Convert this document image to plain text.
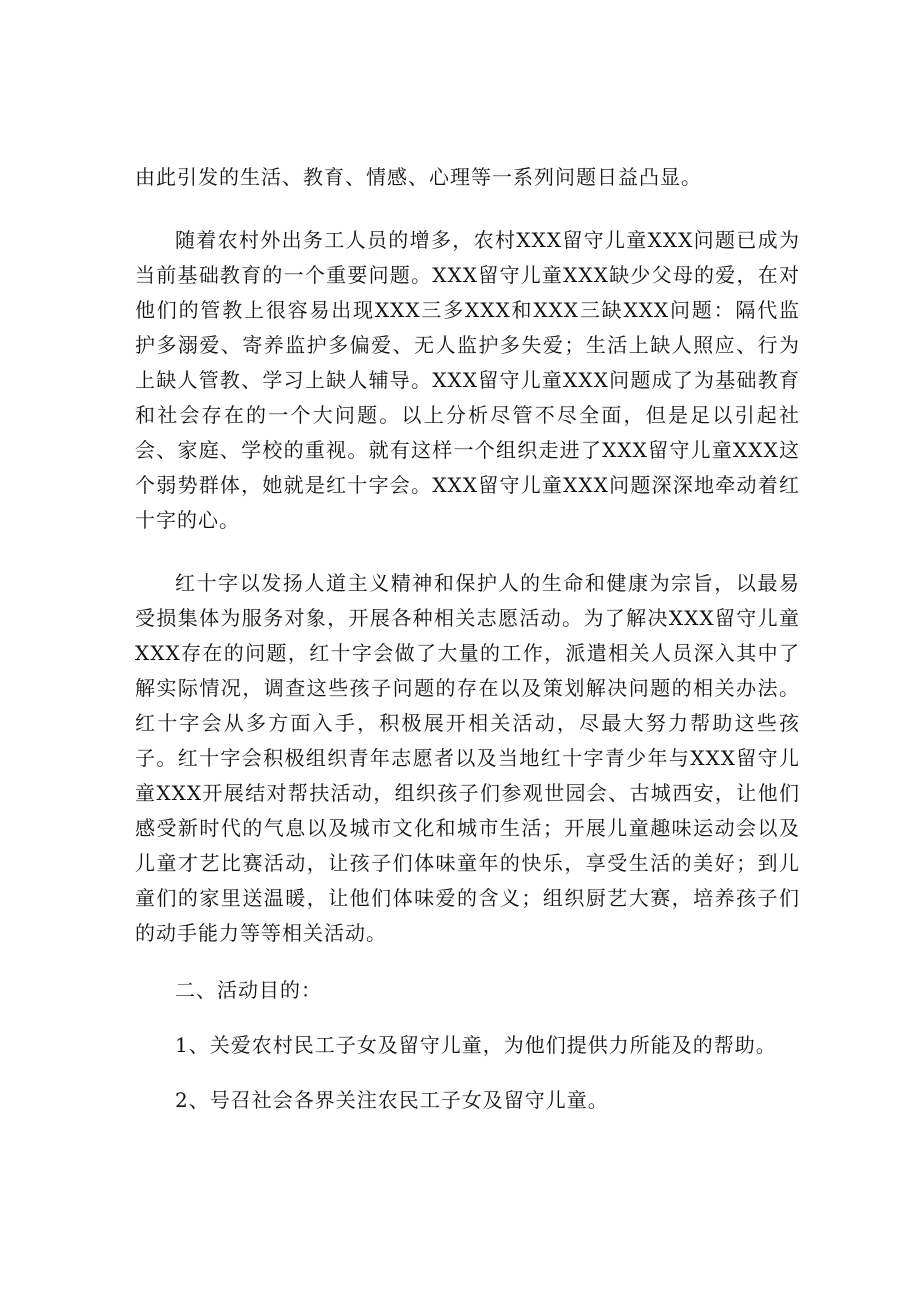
由此引发的生活、教育、情感、心理等一系列问题日益凸显。

随着农村外出务工人员的增多，农村XXX留守儿童XXX问题已成为当前基础教育的一个重要问题。XXX留守儿童XXX缺少父母的爱，在对他们的管教上很容易出现XXX三多XXX和XXX三缺XXX问题：隔代监护多溺爱、寄养监护多偏爱、无人监护多失爱；生活上缺人照应、行为上缺人管教、学习上缺人辅导。XXX留守儿童XXX问题成了为基础教育和社会存在的一个大问题。以上分析尽管不尽全面，但是足以引起社会、家庭、学校的重视。就有这样一个组织走进了XXX留守儿童XXX这个弱势群体，她就是红十字会。XXX留守儿童XXX问题深深地牵动着红十字的心。

红十字以发扬人道主义精神和保护人的生命和健康为宗旨，以最易受损集体为服务对象，开展各种相关志愿活动。为了解决XXX留守儿童XXX存在的问题，红十字会做了大量的工作，派遣相关人员深入其中了解实际情况，调查这些孩子问题的存在以及策划解决问题的相关办法。红十字会从多方面入手，积极展开相关活动，尽最大努力帮助这些孩子。红十字会积极组织青年志愿者以及当地红十字青少年与XXX留守儿童XXX开展结对帮扶活动，组织孩子们参观世园会、古城西安，让他们感受新时代的气息以及城市文化和城市生活；开展儿童趣味运动会以及儿童才艺比赛活动，让孩子们体味童年的快乐，享受生活的美好；到儿童们的家里送温暖，让他们体味爱的含义；组织厨艺大赛，培养孩子们的动手能力等等相关活动。

二、活动目的：

1、关爱农村民工子女及留守儿童，为他们提供力所能及的帮助。

2、号召社会各界关注农民工子女及留守儿童。
